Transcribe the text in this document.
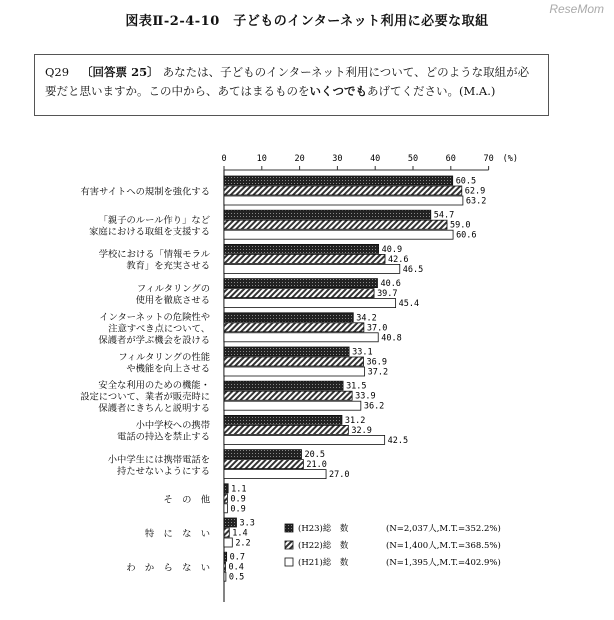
図表Ⅱ-2-4-10　子どものインターネット利用に必要な取組
ReseMom
Q29 〔回答票 25〕 あなたは、子どものインターネット利用について、どのような取組が必要だと思いますか。この中から、あてはまるものをいくつでもあげてください。(M.A.)
0	10	20	30	40	50	60	70 (%)
有害サイトへの規制を強化する
「親子のルール作り」など
家庭における取組を支援する
学校における「情報モラル
教育」を充実させる
フィルタリングの
使用を徹底させる
インターネットの危険性や
注意すべき点について、
保護者が学ぶ機会を設ける
フィルタリングの性能
や機能を向上させる
安全な利用のための機能・
設定について、業者が販売時に
保護者にきちんと説明する
小中学校への携帯
電話の持込を禁止する
小中学生には携帯電話を
持たせないようにする
そ　の　他
特　に　な　い
わ　か　ら　な　い
60.5
54.7
40.9
40.6
34.2
33.1
31.5
31.2
20.5
1.1
3.3
0.7
62.9
59.0
42.6
39.7
37.0
36.9
33.9
32.9
21.0
0.9
1.4
0.4
63.2
60.6
46.5
45.4
40.8
37.2
36.2
42.5
27.0
0.9
2.2
0.5
(H23)総　数	(N=2,037人,M.T.=352.2%)
(H22)総　数	(N=1,400人,M.T.=368.5%)
(H21)総　数	(N=1,395人,M.T.=402.9%)
